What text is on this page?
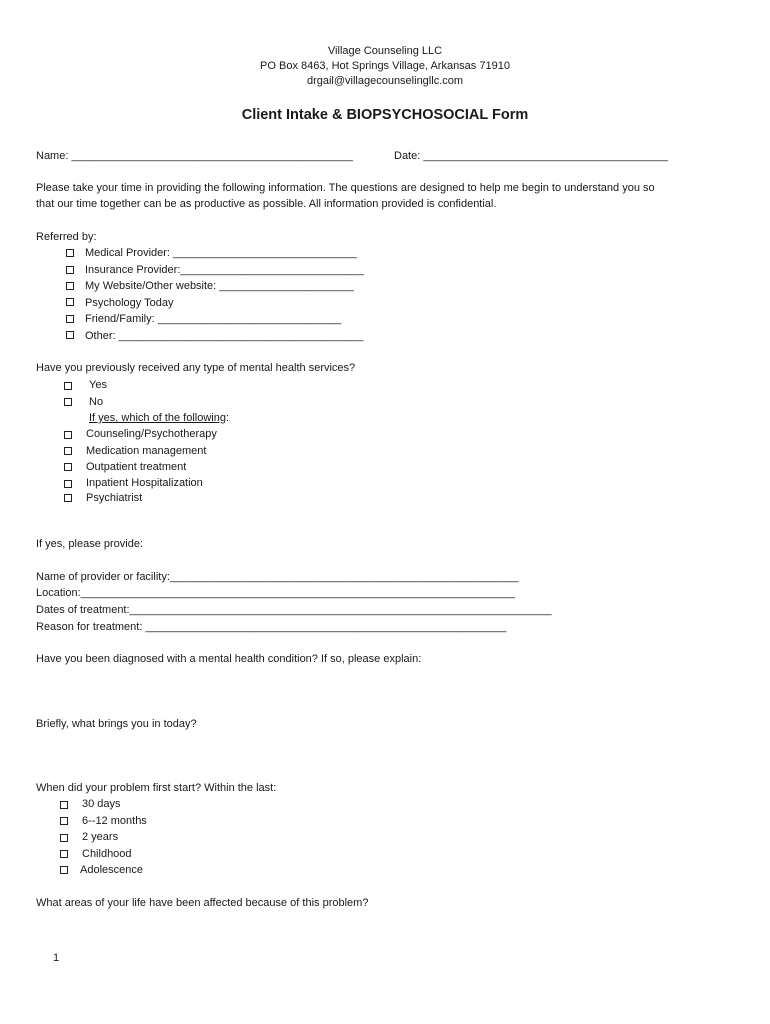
Village Counseling LLC
PO Box 8463, Hot Springs Village, Arkansas 71910
drgail@villagecounselingllc.com
Client Intake & BIOPSYCHOSOCIAL Form
Name: ______________________________________________	Date: ________________________________________
Please take your time in providing the following information. The questions are designed to help me begin to understand you so
that our time together can be as productive as possible. All information provided is confidential.
Referred by:
Medical Provider: ______________________________
Insurance Provider:______________________________
My Website/Other website: ______________________
Psychology Today
Friend/Family: ______________________________
Other: ________________________________________
Have you previously received any type of mental health services?
Yes
No
If yes, which of the following:
Counseling/Psychotherapy
Medication management
Outpatient treatment
Inpatient Hospitalization
Psychiatrist
If yes, please provide:
Name of provider or facility:_________________________________________________________
Location:_______________________________________________________________________
Dates of treatment:_____________________________________________________________________
Reason for treatment: ___________________________________________________________
Have you been diagnosed with a mental health condition? If so, please explain:
Briefly, what brings you in today?
When did your problem first start? Within the last:
30 days
6--12 months
2 years
Childhood
Adolescence
What areas of your life have been affected because of this problem?
1
